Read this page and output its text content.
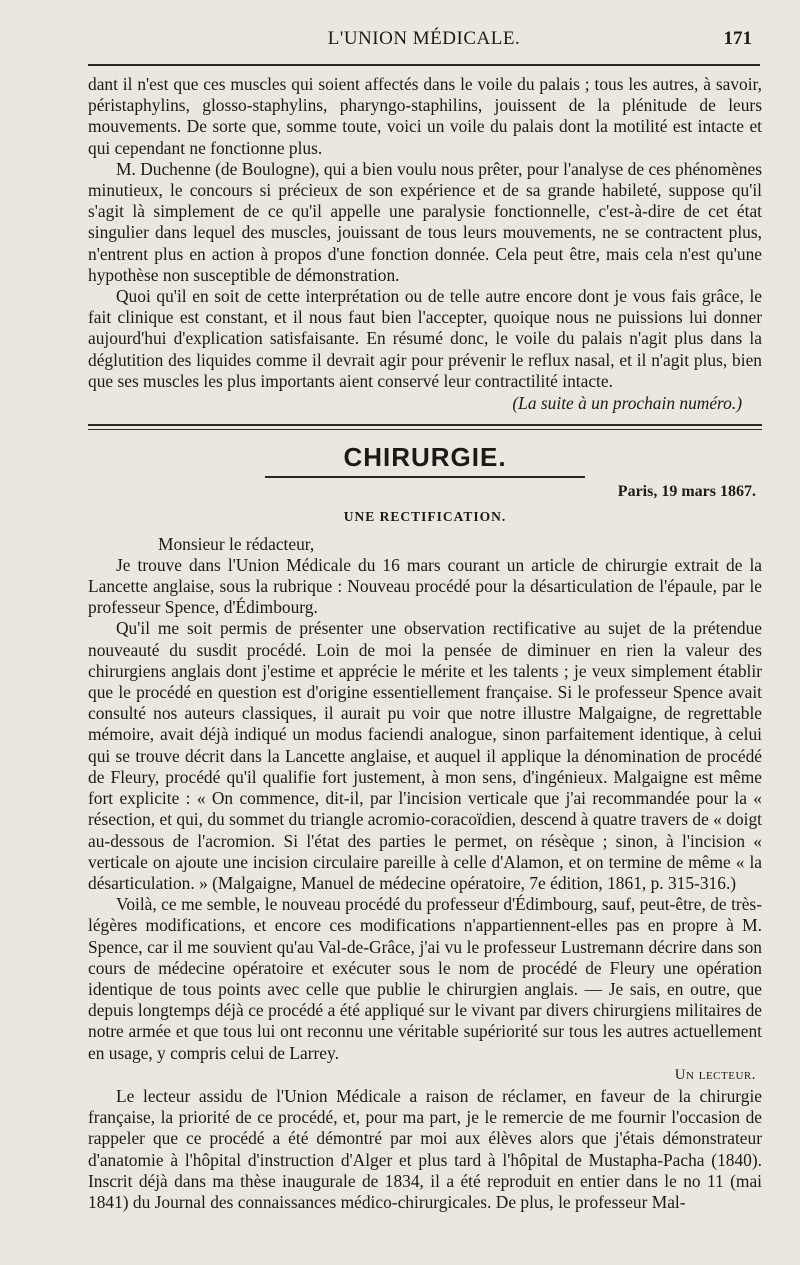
L'UNION MÉDICALE.	171

dant il n'est que ces muscles qui soient affectés dans le voile du palais ; tous les autres, à savoir, péristaphylins, glosso-staphylins, pharyngo-staphilins, jouissent de la plénitude de leurs mouvements. De sorte que, somme toute, voici un voile du palais dont la motilité est intacte et qui cependant ne fonctionne plus.

M. Duchenne (de Boulogne), qui a bien voulu nous prêter, pour l'analyse de ces phénomènes minutieux, le concours si précieux de son expérience et de sa grande habileté, suppose qu'il s'agit là simplement de ce qu'il appelle une paralysie fonctionnelle, c'est-à-dire de cet état singulier dans lequel des muscles, jouissant de tous leurs mouvements, ne se contractent plus, n'entrent plus en action à propos d'une fonction donnée. Cela peut être, mais cela n'est qu'une hypothèse non susceptible de démonstration.

Quoi qu'il en soit de cette interprétation ou de telle autre encore dont je vous fais grâce, le fait clinique est constant, et il nous faut bien l'accepter, quoique nous ne puissions lui donner aujourd'hui d'explication satisfaisante. En résumé donc, le voile du palais n'agit plus dans la déglutition des liquides comme il devrait agir pour prévenir le reflux nasal, et il n'agit plus, bien que ses muscles les plus importants aient conservé leur contractilité intacte.

(La suite à un prochain numéro.)
CHIRURGIE.
Paris, 19 mars 1867.
UNE RECTIFICATION.

Monsieur le rédacteur,

Je trouve dans l'Union Médicale du 16 mars courant un article de chirurgie extrait de la Lancette anglaise, sous la rubrique : Nouveau procédé pour la désarticulation de l'épaule, par le professeur Spence, d'Édimbourg.

Qu'il me soit permis de présenter une observation rectificative au sujet de la prétendue nouveauté du susdit procédé. Loin de moi la pensée de diminuer en rien la valeur des chirurgiens anglais dont j'estime et apprécie le mérite et les talents ; je veux simplement établir que le procédé en question est d'origine essentiellement française. Si le professeur Spence avait consulté nos auteurs classiques, il aurait pu voir que notre illustre Malgaigne, de regrettable mémoire, avait déjà indiqué un modus faciendi analogue, sinon parfaitement identique, à celui qui se trouve décrit dans la Lancette anglaise, et auquel il applique la dénomination de procédé de Fleury, procédé qu'il qualifie fort justement, à mon sens, d'ingénieux. Malgaigne est même fort explicite : « On commence, dit-il, par l'incision verticale que j'ai recommandée pour la « résection, et qui, du sommet du triangle acromio-coracoïdien, descend à quatre travers de « doigt au-dessous de l'acromion. Si l'état des parties le permet, on résèque ; sinon, à l'incision « verticale on ajoute une incision circulaire pareille à celle d'Alamon, et on termine de même « la désarticulation. » (Malgaigne, Manuel de médecine opératoire, 7e édition, 1861, p. 315-316.)

Voilà, ce me semble, le nouveau procédé du professeur d'Édimbourg, sauf, peut-être, de très-légères modifications, et encore ces modifications n'appartiennent-elles pas en propre à M. Spence, car il me souvient qu'au Val-de-Grâce, j'ai vu le professeur Lustremann décrire dans son cours de médecine opératoire et exécuter sous le nom de procédé de Fleury une opération identique de tous points avec celle que publie le chirurgien anglais. — Je sais, en outre, que depuis longtemps déjà ce procédé a été appliqué sur le vivant par divers chirurgiens militaires de notre armée et que tous lui ont reconnu une véritable supériorité sur tous les autres actuellement en usage, y compris celui de Larrey.

Un lecteur.

Le lecteur assidu de l'Union Médicale a raison de réclamer, en faveur de la chirurgie française, la priorité de ce procédé, et, pour ma part, je le remercie de me fournir l'occasion de rappeler que ce procédé a été démontré par moi aux élèves alors que j'étais démonstrateur d'anatomie à l'hôpital d'instruction d'Alger et plus tard à l'hôpital de Mustapha-Pacha (1840). Inscrit déjà dans ma thèse inaugurale de 1834, il a été reproduit en entier dans le no 11 (mai 1841) du Journal des connaissances médico-chirurgicales. De plus, le professeur Mal-
